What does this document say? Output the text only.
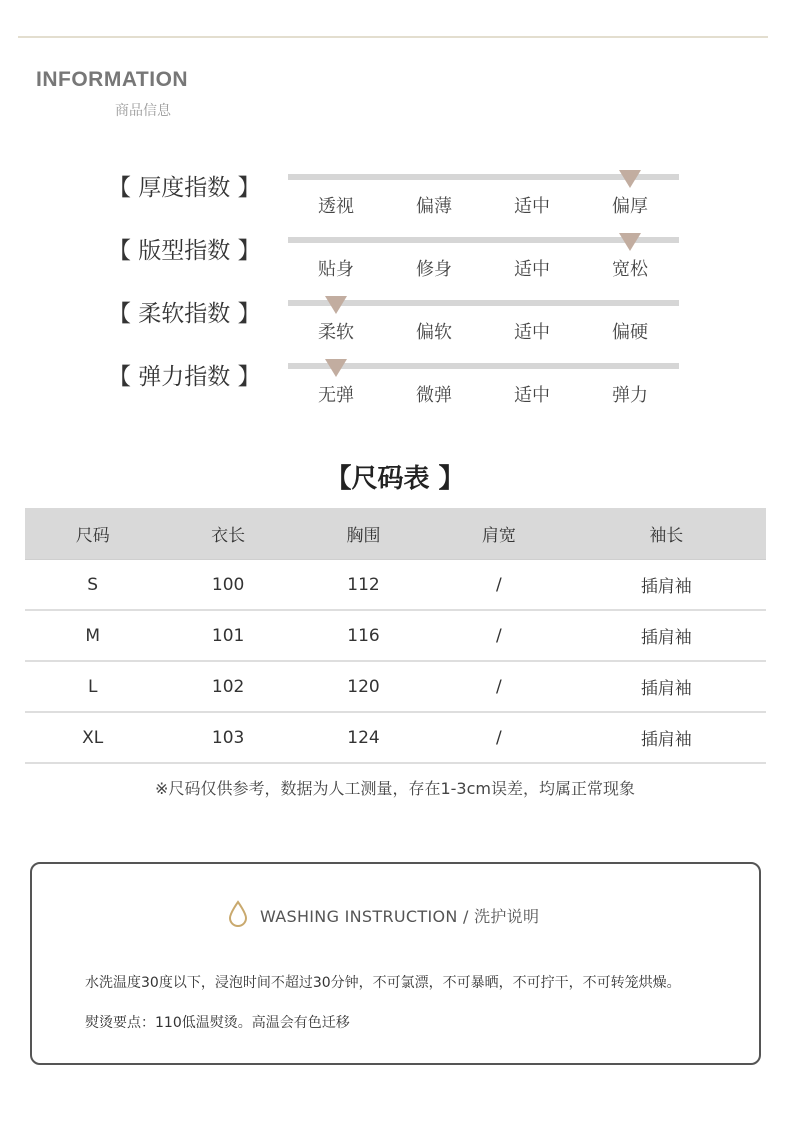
INFORMATION
商品信息
【 厚度指数 】
透视	偏薄	适中	偏厚
【 版型指数 】
贴身	修身	适中	宽松
【 柔软指数 】
柔软	偏软	适中	偏硬
【 弹力指数 】
无弹	微弹	适中	弹力
【尺码表 】
尺码	衣长	胸围	肩宽	袖长
S	100	112	/	插肩袖
M	101	116	/	插肩袖
L	102	120	/	插肩袖
XL	103	124	/	插肩袖
※尺码仅供参考，数据为人工测量，存在1-3cm误差，均属正常现象
WASHING INSTRUCTION / 洗护说明
水洗温度30度以下，浸泡时间不超过30分钟，不可氯漂，不可暴晒，不可拧干，不可转笼烘燥。
熨烫要点：110低温熨烫。高温会有色迁移
